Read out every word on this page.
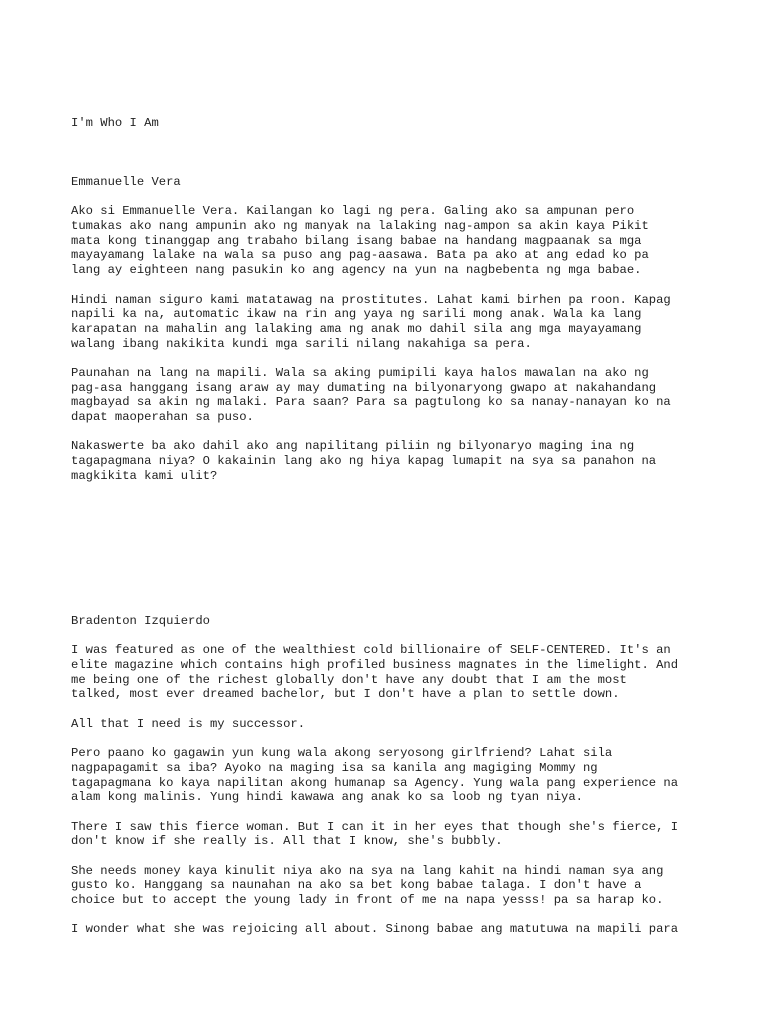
I'm Who I Am
Emmanuelle Vera
Ako si Emmanuelle Vera. Kailangan ko lagi ng pera. Galing ako sa ampunan pero
tumakas ako nang ampunin ako ng manyak na lalaking nag-ampon sa akin kaya Pikit
mata kong tinanggap ang trabaho bilang isang babae na handang magpaanak sa mga
mayayamang lalake na wala sa puso ang pag-aasawa. Bata pa ako at ang edad ko pa
lang ay eighteen nang pasukin ko ang agency na yun na nagbebenta ng mga babae.
Hindi naman siguro kami matatawag na prostitutes. Lahat kami birhen pa roon. Kapag
napili ka na, automatic ikaw na rin ang yaya ng sarili mong anak. Wala ka lang
karapatan na mahalin ang lalaking ama ng anak mo dahil sila ang mga mayayamang
walang ibang nakikita kundi mga sarili nilang nakahiga sa pera.
Paunahan na lang na mapili. Wala sa aking pumipili kaya halos mawalan na ako ng
pag-asa hanggang isang araw ay may dumating na bilyonaryong gwapo at nakahandang
magbayad sa akin ng malaki. Para saan? Para sa pagtulong ko sa nanay-nanayan ko na
dapat maoperahan sa puso.
Nakaswerte ba ako dahil ako ang napilitang piliin ng bilyonaryo maging ina ng
tagapagmana niya? O kakainin lang ako ng hiya kapag lumapit na sya sa panahon na
magkikita kami ulit?
Bradenton Izquierdo
I was featured as one of the wealthiest cold billionaire of SELF-CENTERED. It's an
elite magazine which contains high profiled business magnates in the limelight. And
me being one of the richest globally don't have any doubt that I am the most
talked, most ever dreamed bachelor, but I don't have a plan to settle down.
All that I need is my successor.
Pero paano ko gagawin yun kung wala akong seryosong girlfriend? Lahat sila
nagpapagamit sa iba? Ayoko na maging isa sa kanila ang magiging Mommy ng
tagapagmana ko kaya napilitan akong humanap sa Agency. Yung wala pang experience na
alam kong malinis. Yung hindi kawawa ang anak ko sa loob ng tyan niya.
There I saw this fierce woman. But I can it in her eyes that though she's fierce, I
don't know if she really is. All that I know, she's bubbly.
She needs money kaya kinulit niya ako na sya na lang kahit na hindi naman sya ang
gusto ko. Hanggang sa naunahan na ako sa bet kong babae talaga. I don't have a
choice but to accept the young lady in front of me na napa yesss! pa sa harap ko.
I wonder what she was rejoicing all about. Sinong babae ang matutuwa na mapili para
